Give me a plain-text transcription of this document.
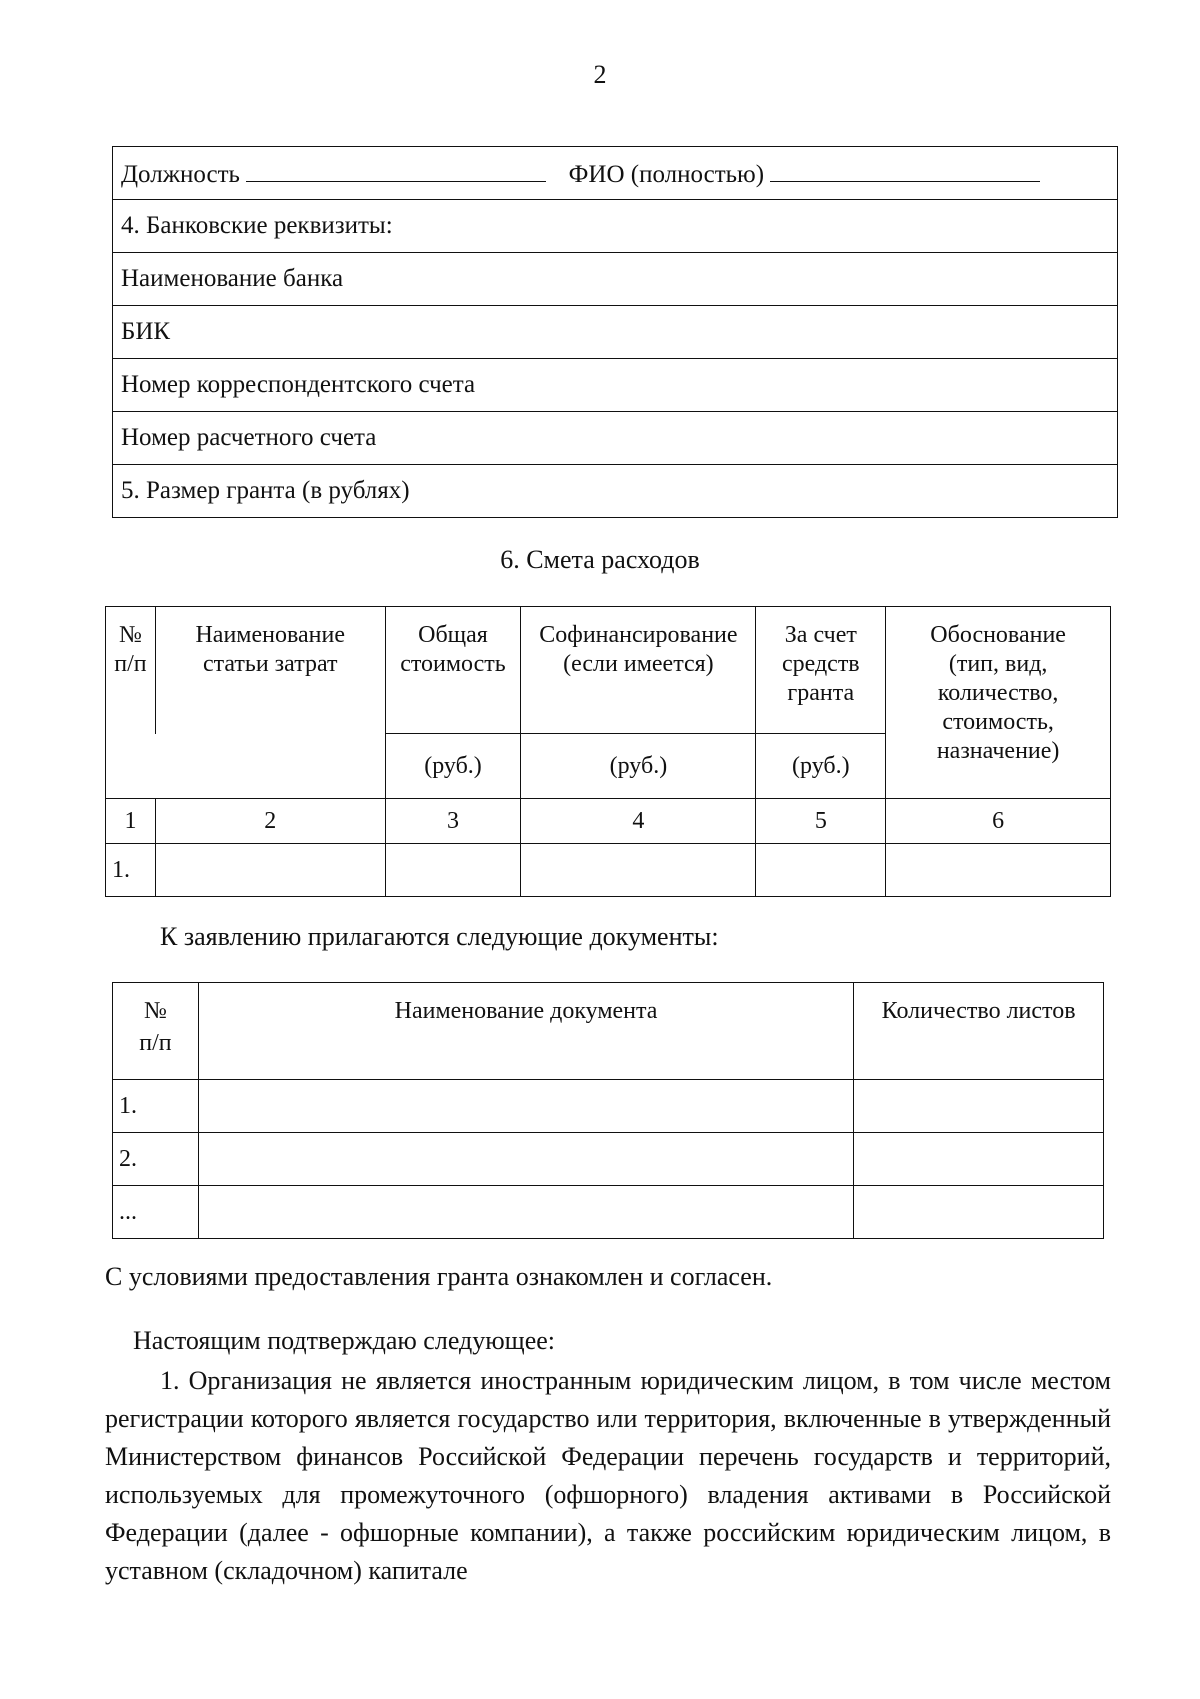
2
Должность	ФИО (полностью)
4. Банковские реквизиты:
Наименование банка
БИК
Номер корреспондентского счета
Номер расчетного счета
5. Размер гранта (в рублях)
6. Смета расходов
№ п/п	Наименование статьи затрат	Общая стоимость	Софинансирование (если имеется)	За счет средств гранта	Обоснование (тип, вид, количество, стоимость, назначение)

		(руб.)	(руб.)	(руб.)	
1	2	3	4	5	6
1.					
К заявлению прилагаются следующие документы:
№ п/п	Наименование документа	Количество листов
1.		
2.		
...		
С условиями предоставления гранта ознакомлен и согласен.
Настоящим подтверждаю следующее:
1. Организация не является иностранным юридическим лицом, в том числе местом регистрации которого является государство или территория, включенные в утвержденный Министерством финансов Российской Федерации перечень государств и территорий, используемых для промежуточного (офшорного) владения активами в Российской Федерации (далее - офшорные компании), а также российским юридическим лицом, в уставном (складочном) капитале
